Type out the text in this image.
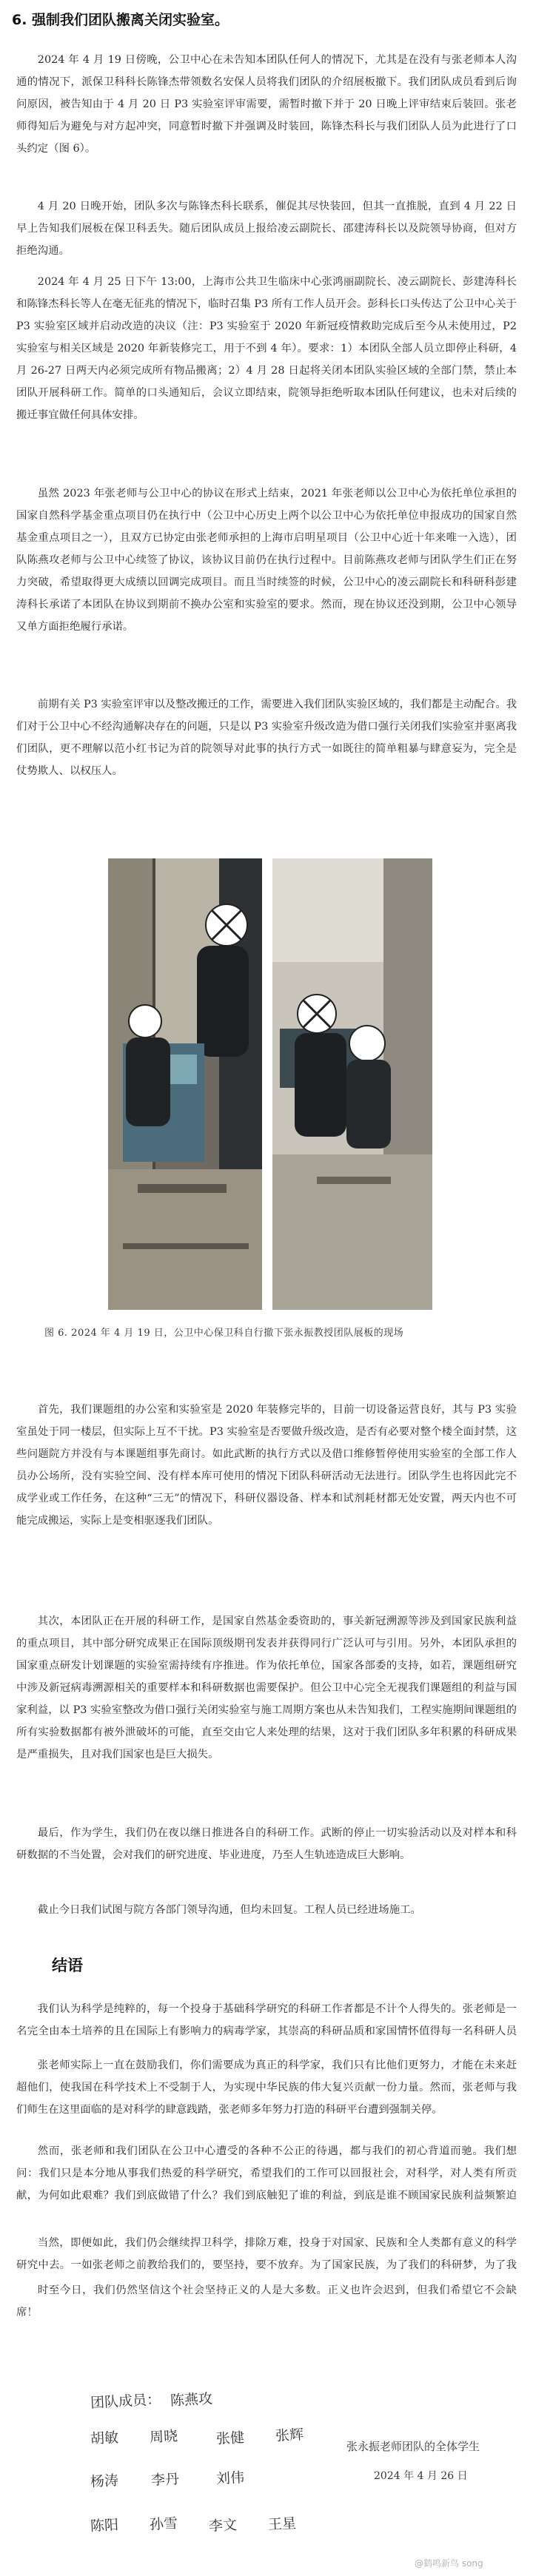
6. 强制我们团队搬离关闭实验室。

2024 年 4 月 19 日傍晚，公卫中心在未告知本团队任何人的情况下，尤其是在没有与张老师本人沟通的情况下，派保卫科科长陈锋杰带领数名安保人员将我们团队的介绍展板撤下。我们团队成员看到后询问原因，被告知由于 4 月 20 日 P3 实验室评审需要，需暂时撤下并于 20 日晚上评审结束后装回。张老师得知后为避免与对方起冲突，同意暂时撤下并强调及时装回，陈锋杰科长与我们团队人员为此进行了口头约定（图 6）。

4 月 20 日晚开始，团队多次与陈锋杰科长联系，催促其尽快装回，但其一直推脱，直到 4 月 22 日早上告知我们展板在保卫科丢失。随后团队成员上报给凌云副院长、邵建涛科长以及院领导协商，但对方拒绝沟通。

2024 年 4 月 25 日下午 13:00，上海市公共卫生临床中心张鸿丽副院长、凌云副院长、彭建涛科长和陈锋杰科长等人在毫无征兆的情况下，临时召集 P3 所有工作人员开会。彭科长口头传达了公卫中心关于 P3 实验室区域并启动改造的决议（注：P3 实验室于 2020 年新冠疫情救助完成后至今从未使用过，P2 实验室与相关区域是 2020 年新装修完工，用于不到 4 年）。要求：1）本团队全部人员立即停止科研，4 月 26-27 日两天内必须完成所有物品搬离；2）4 月 28 日起将关闭本团队实验区域的全部门禁，禁止本团队开展科研工作。简单的口头通知后，会议立即结束，院领导拒绝听取本团队任何建议，也未对后续的搬迁事宜做任何具体安排。

虽然 2023 年张老师与公卫中心的协议在形式上结束，2021 年张老师以公卫中心为依托单位承担的国家自然科学基金重点项目仍在执行中（公卫中心历史上两个以公卫中心为依托单位申报成功的国家自然基金重点项目之一），且双方已协定由张老师承担的上海市启明星项目（公卫中心近十年来唯一入选），团队陈燕攻老师与公卫中心续签了协议，该协议目前仍在执行过程中。目前陈燕攻老师与团队学生们正在努力突破，希望取得更大成绩以回调完成项目。而且当时续签的时候，公卫中心的凌云副院长和科研科彭建涛科长承诺了本团队在协议到期前不换办公室和实验室的要求。然而，现在协议还没到期，公卫中心领导又单方面拒绝履行承诺。

前期有关 P3 实验室评审以及整改搬迁的工作，需要进入我们团队实验区域的，我们都是主动配合。我们对于公卫中心不经沟通解决存在的问题，只是以 P3 实验室升级改造为借口强行关闭我们实验室并驱离我们团队，更不理解以范小红书记为首的院领导对此事的执行方式一如既往的简单粗暴与肆意妄为，完全是仗势欺人、以权压人。

图 6. 2024 年 4 月 19 日，公卫中心保卫科自行撤下张永振教授团队展板的现场

首先，我们课题组的办公室和实验室是 2020 年装修完毕的，目前一切设备运营良好，其与 P3 实验室虽处于同一楼层，但实际上互不干扰。P3 实验室是否要做升级改造，是否有必要对整个楼全面封禁，这些问题院方并没有与本课题组事先商讨。如此武断的执行方式以及借口维修暂停使用实验室的全部工作人员办公场所，没有实验空间、没有样本库可使用的情况下团队科研活动无法进行。团队学生也将因此完不成学业或工作任务，在这种“三无”的情况下，科研仪器设备、样本和试剂耗材都无处安置，两天内也不可能完成搬运，实际上是变相驱逐我们团队。

其次，本团队正在开展的科研工作，是国家自然基金委资助的，事关新冠溯源等涉及到国家民族利益的重点项目，其中部分研究成果正在国际顶级期刊发表并获得同行广泛认可与引用。另外，本团队承担的国家重点研发计划课题的实验室需持续有序推进。作为依托单位，国家各部委的支持，如若，课题组研究中涉及新冠病毒溯源相关的重要样本和科研数据也需要保护。但公卫中心完全无视我们课题组的利益与国家利益，以 P3 实验室整改为借口强行关闭实验室与施工周期方案也从未告知我们，工程实施期间课题组的所有实验数据都有被外泄破坏的可能，直至交由它人来处理的结果，这对于我们团队多年积累的科研成果是严重损失，且对我们国家也是巨大损失。

最后，作为学生，我们仍在夜以继日推进各自的科研工作。武断的停止一切实验活动以及对样本和科研数据的不当处置，会对我们的研究进度、毕业进度，乃至人生轨迹造成巨大影响。

截止今日我们试图与院方各部门领导沟通，但均未回复。工程人员已经进场施工。

结语

我们认为科学是纯粹的，每一个投身于基础科学研究的科研工作者都是不计个人得失的。张老师是一名完全由本土培养的且在国际上有影响力的病毒学家，其崇高的科研品质和家国情怀值得每一名科研人员

张老师实际上一直在鼓励我们，你们需要成为真正的科学家，我们只有比他们更努力，才能在未来赶超他们，使我国在科学技术上不受制于人，为实现中华民族的伟大复兴贡献一份力量。然而，张老师与我们师生在这里面临的是对科学的肆意践踏，张老师多年努力打造的科研平台遭到强制关停。

然而，张老师和我们团队在公卫中心遭受的各种不公正的待遇，都与我们的初心背道而驰。我们想问：我们只是本分地从事我们热爱的科学研究，希望我们的工作可以回报社会，对科学，对人类有所贡献，为何如此艰难？我们到底做错了什么？我们到底触犯了谁的利益，到底是谁不顾国家民族利益频繁迫

当然，即便如此，我们仍会继续捍卫科学，排除万难，投身于对国家、民族和全人类都有意义的科学研究中去。一如张老师之前教给我们的，要坚持，要不放弃。为了国家民族，为了我们的科研梦，为了我

时至今日，我们仍然坚信这个社会坚持正义的人是大多数。正义也许会迟到，但我们希望它不会缺席！

团队成员： 陈燕攻
胡敏 周晓	张健 张辉
杨涛 李丹	刘伟
陈阳 孙雪 李文 王星
张永振老师团队的全体学生
2024 年 4 月 26 日
@鹤鸣新鸟 song
